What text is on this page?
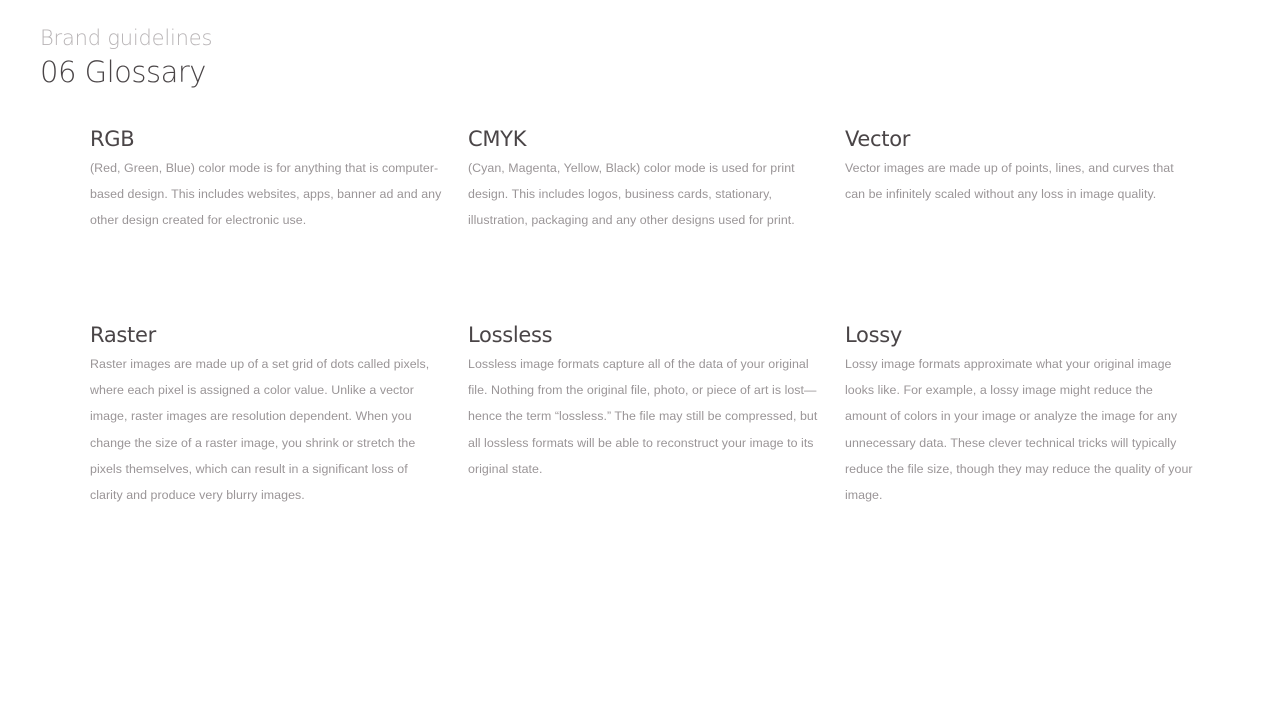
Brand guidelines
06 Glossary
RGB
(Red, Green, Blue) color mode is for anything that is computer-based design. This includes websites, apps, banner ad and any other design created for electronic use.
CMYK
(Cyan, Magenta, Yellow, Black) color mode is used for print design. This includes logos, business cards, stationary, illustration, packaging and any other designs used for print.
Vector
Vector images are made up of points, lines, and curves that can be infinitely scaled without any loss in image quality.
Raster
Raster images are made up of a set grid of dots called pixels, where each pixel is assigned a color value. Unlike a vector image, raster images are resolution dependent. When you change the size of a raster image, you shrink or stretch the pixels themselves, which can result in a significant loss of clarity and produce very blurry images.
Lossless
Lossless image formats capture all of the data of your original file. Nothing from the original file, photo, or piece of art is lost—hence the term “lossless.” The file may still be compressed, but all lossless formats will be able to reconstruct your image to its original state.
Lossy
Lossy image formats approximate what your original image looks like. For example, a lossy image might reduce the amount of colors in your image or analyze the image for any unnecessary data. These clever technical tricks will typically reduce the file size, though they may reduce the quality of your image.
